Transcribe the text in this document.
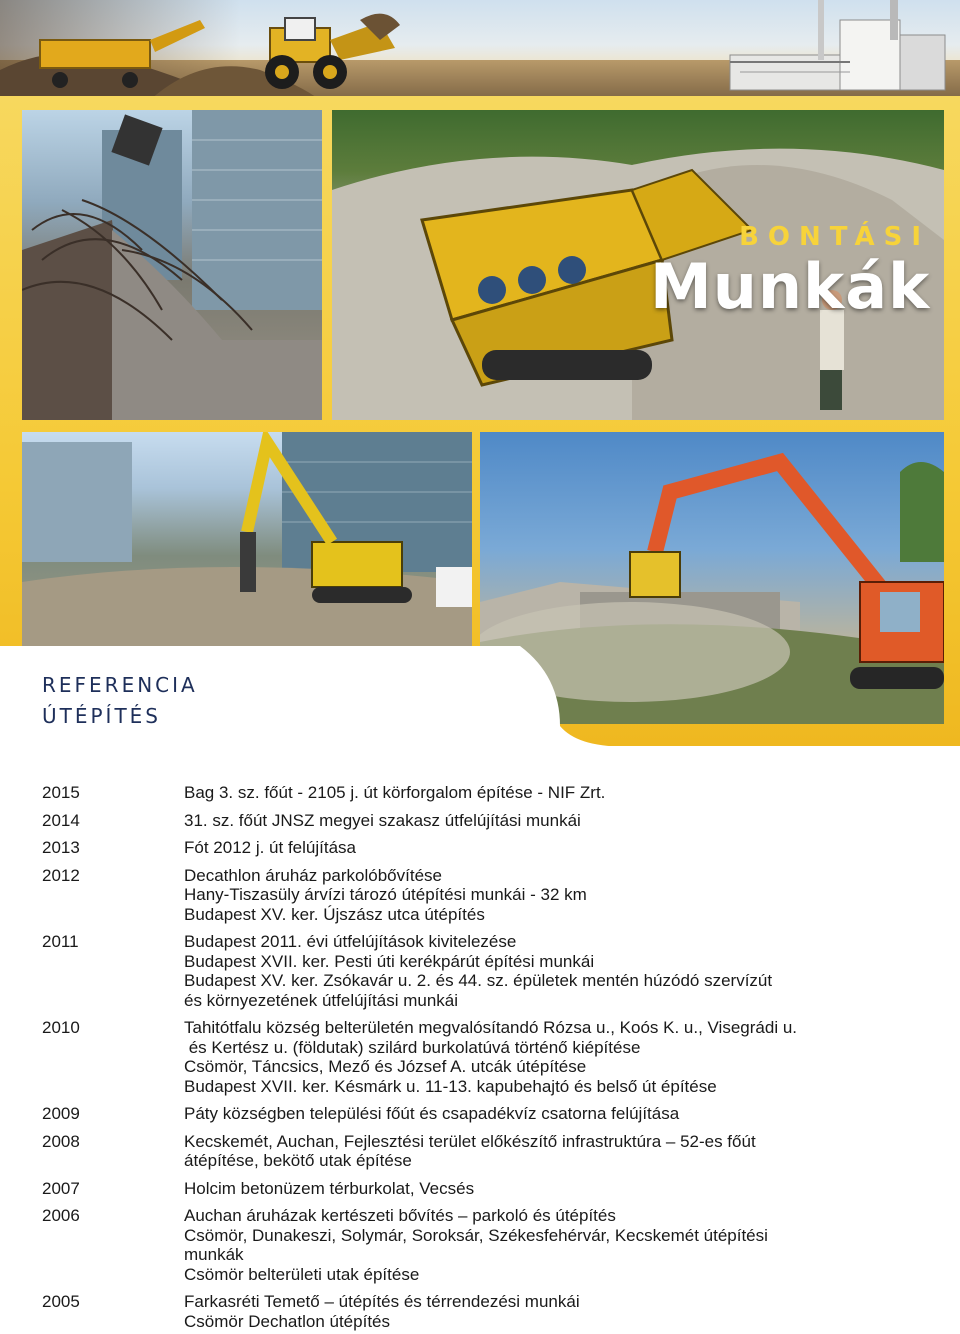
BONTÁSI
Munkák
REFERENCIA
ÚTÉPÍTÉS
2015	Bag 3. sz. főút - 2105 j. út körforgalom építése - NIF Zrt.
2014	31. sz. főút JNSZ megyei szakasz útfelújítási munkái
2013	Fót 2012 j. út felújítása
2012	Decathlon áruház parkolóbővítése
Hany-Tiszasüly árvízi tározó útépítési munkái - 32 km
Budapest XV. ker. Újszász utca útépítés
2011	Budapest 2011. évi útfelújítások kivitelezése
Budapest XVII. ker. Pesti úti kerékpárút építési munkái
Budapest XV. ker. Zsókavár u. 2. és 44. sz. épületek mentén húzódó szervízút
és környezetének útfelújítási munkái
2010	Tahitótfalu község belterületén megvalósítandó Rózsa u., Koós K. u., Visegrádi u.
és Kertész u. (földutak) szilárd burkolatúvá történő kiépítése
Csömör, Táncsics, Mező és József A. utcák útépítése
Budapest XVII. ker. Késmárk u. 11-13. kapubehajtó és belső út építése
2009	Páty községben települési főút és csapadékvíz csatorna felújítása
2008	Kecskemét, Auchan, Fejlesztési terület előkészítő infrastruktúra – 52-es főút
átépítése, bekötő utak építése
2007	Holcim betonüzem térburkolat, Vecsés
2006	Auchan áruházak kertészeti bővítés – parkoló és útépítés
Csömör, Dunakeszi, Solymár, Soroksár, Székesfehérvár, Kecskemét útépítési
munkák
Csömör belterületi utak építése
2005	Farkasréti Temető – útépítés és térrendezési munkái
Csömör Dechatlon útépítés
